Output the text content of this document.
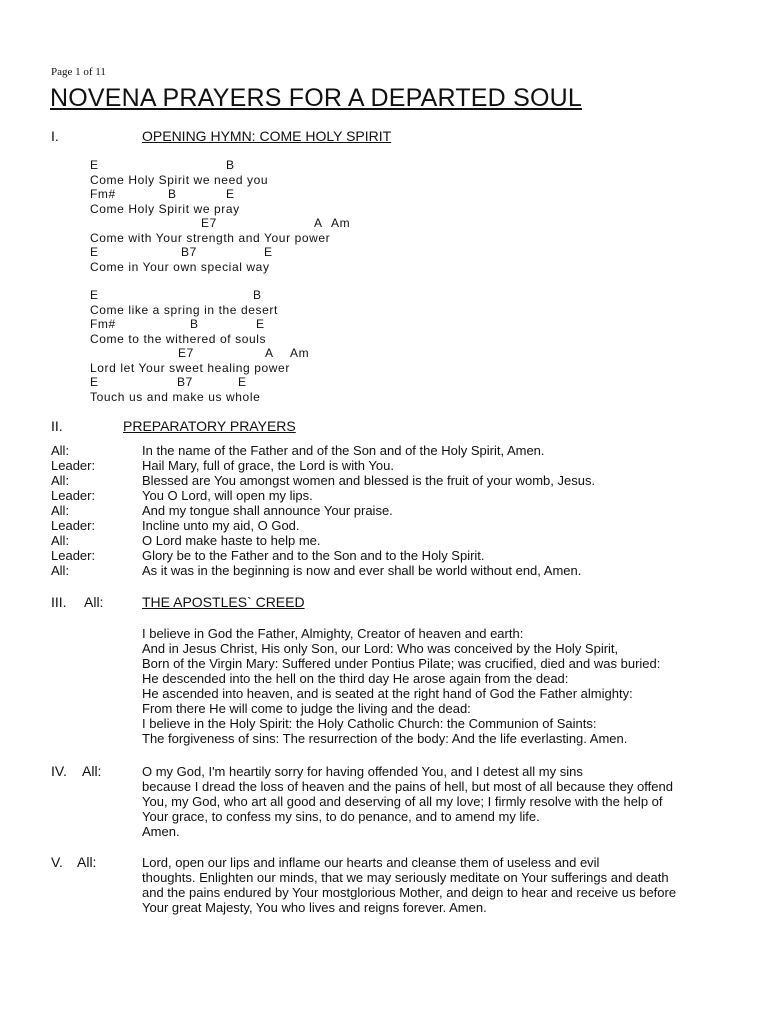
Page 1 of 11
NOVENA PRAYERS FOR A DEPARTED SOUL
I.	OPENING HYMN: COME HOLY SPIRIT
E	B
Come Holy Spirit we need you
Fm#	B	E
Come Holy Spirit we pray
E7	A Am
Come with Your strength and Your power
E	B7	E
Come in Your own special way
E	B
Come like a spring in the desert
Fm#	B	E
Come to the withered of souls
E7	A Am
Lord let Your sweet healing power
E	B7	E
Touch us and make us whole
II.	PREPARATORY PRAYERS
All:	In the name of the Father and of the Son and of the Holy Spirit, Amen.
Leader:	Hail Mary, full of grace, the Lord is with You.
All:	Blessed are You amongst women and blessed is the fruit of your womb, Jesus.
Leader:	You O Lord, will open my lips.
All:	And my tongue shall announce Your praise.
Leader:	Incline unto my aid, O God.
All:	O Lord make haste to help me.
Leader:	Glory be to the Father and to the Son and to the Holy Spirit.
All:	As it was in the beginning is now and ever shall be world without end, Amen.
III. All:	THE APOSTLES` CREED
I believe in God the Father, Almighty, Creator of heaven and earth:
And in Jesus Christ, His only Son, our Lord: Who was conceived by the Holy Spirit,
Born of the Virgin Mary: Suffered under Pontius Pilate; was crucified, died and was buried:
He descended into the hell on the third day He arose again from the dead:
He ascended into heaven, and is seated at the right hand of God the Father almighty:
From there He will come to judge the living and the dead:
I believe in the Holy Spirit: the Holy Catholic Church: the Communion of Saints:
The forgiveness of sins: The resurrection of the body: And the life everlasting. Amen.
IV. All:	O my God, I'm heartily sorry for having offended You, and I detest all my sins
because I dread the loss of heaven and the pains of hell, but most of all because they offend
You, my God, who art all good and deserving of all my love; I firmly resolve with the help of
Your grace, to confess my sins, to do penance, and to amend my life.
Amen.
V. All:	Lord, open our lips and inflame our hearts and cleanse them of useless and evil
thoughts. Enlighten our minds, that we may seriously meditate on Your sufferings and death
and the pains endured by Your mostglorious Mother, and deign to hear and receive us before
Your great Majesty, You who lives and reigns forever. Amen.
